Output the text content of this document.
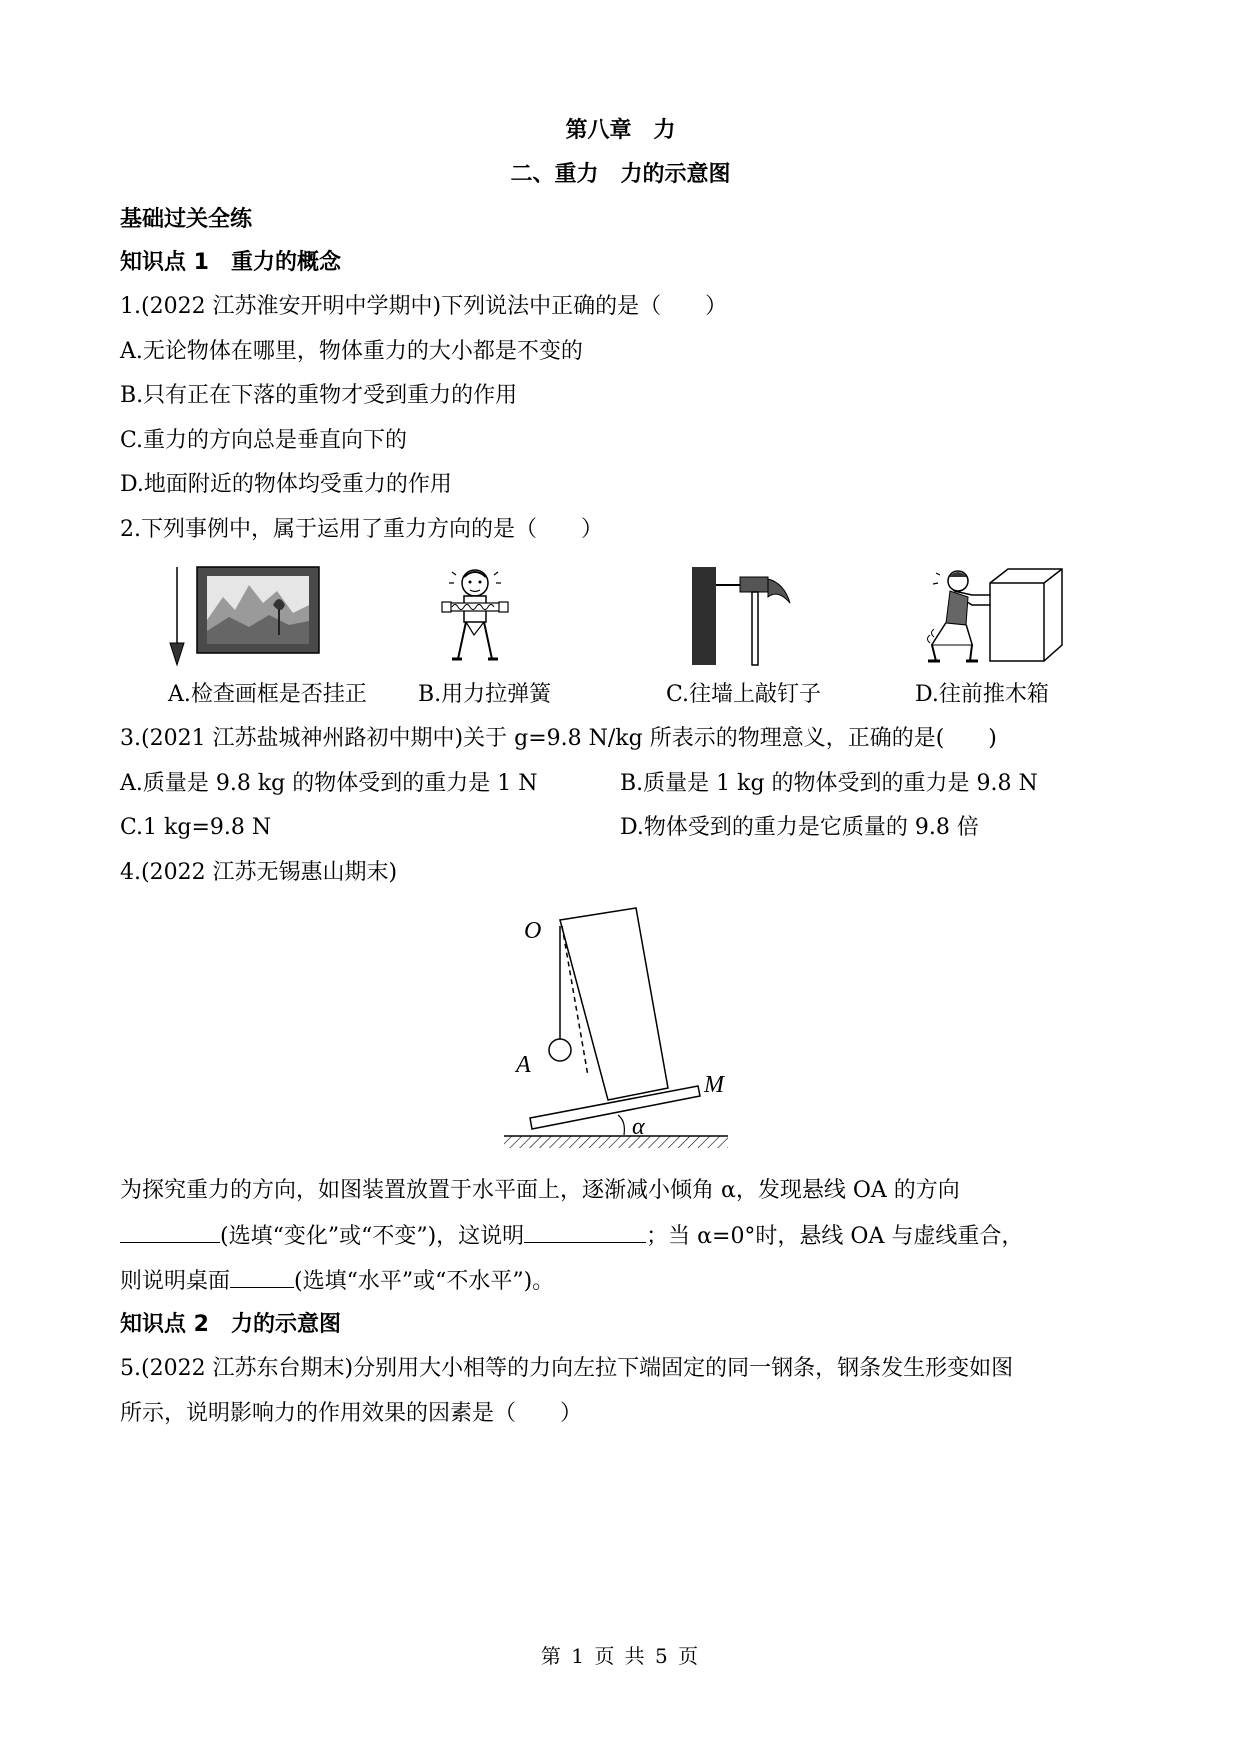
第八章　力
二、重力　力的示意图
基础过关全练
知识点 1　重力的概念
1.(2022 江苏淮安开明中学期中)下列说法中正确的是（　　）
A.无论物体在哪里，物体重力的大小都是不变的
B.只有正在下落的重物才受到重力的作用
C.重力的方向总是垂直向下的
D.地面附近的物体均受重力的作用
2.下列事例中，属于运用了重力方向的是（　　）
A.检查画框是否挂正 B.用力拉弹簧	C.往墙上敲钉子	D.往前推木箱
3.(2021 江苏盐城神州路初中期中)关于 g=9.8 N/kg 所表示的物理意义，正确的是(　　)
A.质量是 9.8 kg 的物体受到的重力是 1 N	B.质量是 1 kg 的物体受到的重力是 9.8 N
C.1 kg=9.8 N	D.物体受到的重力是它质量的 9.8 倍
4.(2022 江苏无锡惠山期末)
O
A
M
α
为探究重力的方向，如图装置放置于水平面上，逐渐减小倾角 α，发现悬线 OA 的方向
(选填“变化”或“不变”)，这说明	；当 α=0°时，悬线 OA 与虚线重合，
则说明桌面	(选填“水平”或“不水平”)。
知识点 2　力的示意图
5.(2022 江苏东台期末)分别用大小相等的力向左拉下端固定的同一钢条，钢条发生形变如图
所示，说明影响力的作用效果的因素是（　　）
第 1 页 共 5 页
